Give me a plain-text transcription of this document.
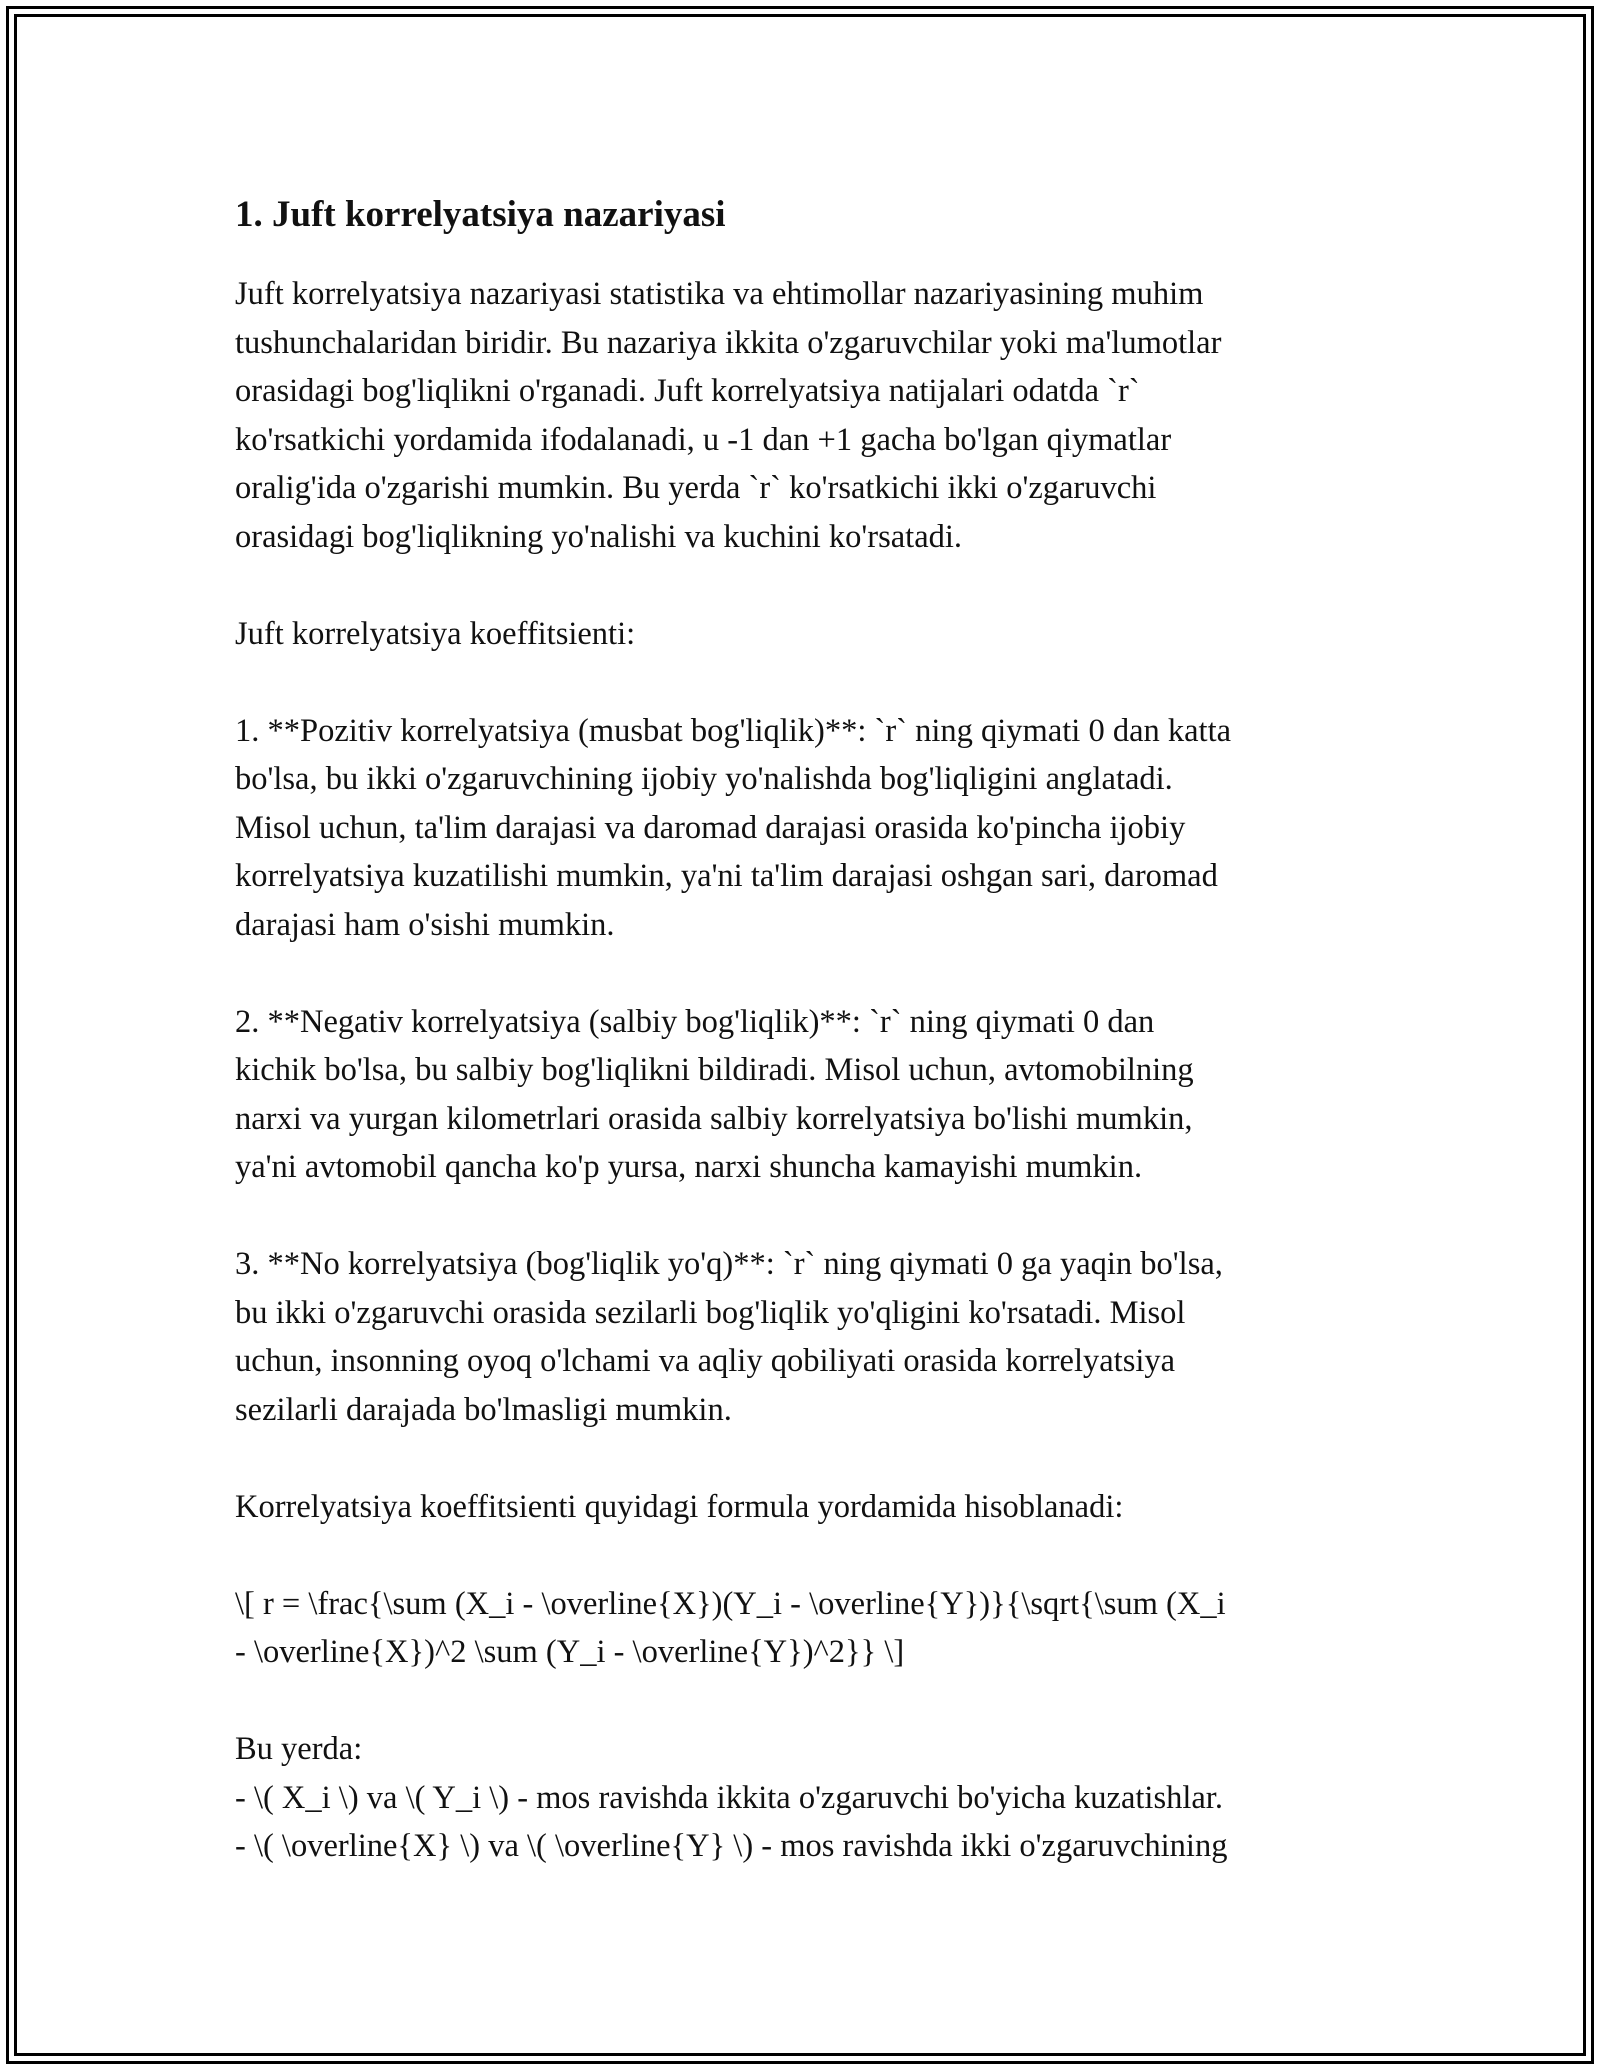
1. Juft korrelyatsiya nazariyasi

Juft korrelyatsiya nazariyasi statistika va ehtimollar nazariyasining muhim
tushunchalaridan biridir. Bu nazariya ikkita o'zgaruvchilar yoki ma'lumotlar
orasidagi bog'liqlikni o'rganadi. Juft korrelyatsiya natijalari odatda `r`
ko'rsatkichi yordamida ifodalanadi, u -1 dan +1 gacha bo'lgan qiymatlar
oralig'ida o'zgarishi mumkin. Bu yerda `r` ko'rsatkichi ikki o'zgaruvchi
orasidagi bog'liqlikning yo'nalishi va kuchini ko'rsatadi.

Juft korrelyatsiya koeffitsienti:

1. **Pozitiv korrelyatsiya (musbat bog'liqlik)**: `r` ning qiymati 0 dan katta
bo'lsa, bu ikki o'zgaruvchining ijobiy yo'nalishda bog'liqligini anglatadi.
Misol uchun, ta'lim darajasi va daromad darajasi orasida ko'pincha ijobiy
korrelyatsiya kuzatilishi mumkin, ya'ni ta'lim darajasi oshgan sari, daromad
darajasi ham o'sishi mumkin.

2. **Negativ korrelyatsiya (salbiy bog'liqlik)**: `r` ning qiymati 0 dan
kichik bo'lsa, bu salbiy bog'liqlikni bildiradi. Misol uchun, avtomobilning
narxi va yurgan kilometrlari orasida salbiy korrelyatsiya bo'lishi mumkin,
ya'ni avtomobil qancha ko'p yursa, narxi shuncha kamayishi mumkin.

3. **No korrelyatsiya (bog'liqlik yo'q)**: `r` ning qiymati 0 ga yaqin bo'lsa,
bu ikki o'zgaruvchi orasida sezilarli bog'liqlik yo'qligini ko'rsatadi. Misol
uchun, insonning oyoq o'lchami va aqliy qobiliyati orasida korrelyatsiya
sezilarli darajada bo'lmasligi mumkin.

Korrelyatsiya koeffitsienti quyidagi formula yordamida hisoblanadi:

\[ r = \frac{\sum (X_i - \overline{X})(Y_i - \overline{Y})}{\sqrt{\sum (X_i
- \overline{X})^2 \sum (Y_i - \overline{Y})^2}} \]

Bu yerda:

- \( X_i \) va \( Y_i \) - mos ravishda ikkita o'zgaruvchi bo'yicha kuzatishlar.

- \( \overline{X} \) va \( \overline{Y} \) - mos ravishda ikki o'zgaruvchining
